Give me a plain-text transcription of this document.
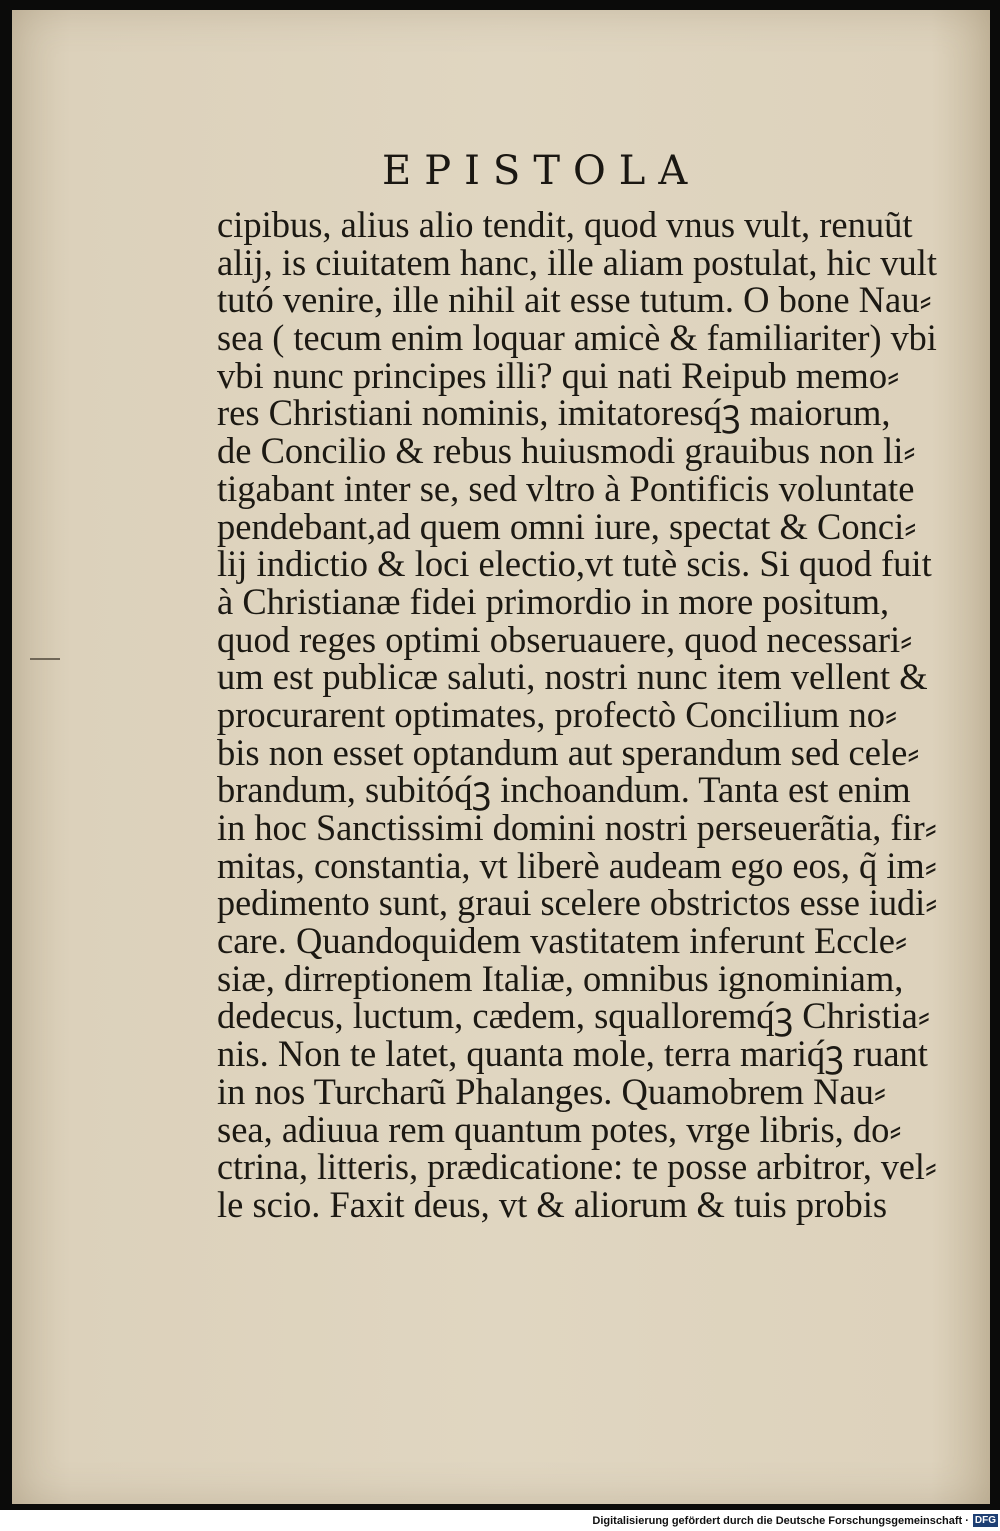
EPISTOLA
cipibus, alius alio tendit, quod vnus vult, renuũt
alij, is ciuitatem hanc, ille aliam postulat, hic vult
tutó venire, ille nihil ait esse tutum. O bone Nau⸗
sea ( tecum enim loquar amicè & familiariter) vbi
vbi nunc principes illi? qui nati Reipub memo⸗
res Christiani nominis, imitatoresq́ꝫ maiorum,
de Concilio & rebus huiusmodi grauibus non li⸗
tigabant inter se, sed vltro à Pontificis voluntate
pendebant,ad quem omni iure, spectat & Conci⸗
lij indictio & loci electio,vt tutè scis. Si quod fuit
à Christianæ fidei primordio in more positum,
quod reges optimi obseruauere, quod necessari⸗
um est publicæ saluti, nostri nunc item vellent &
procurarent optimates, profectò Concilium no⸗
bis non esset optandum aut sperandum sed cele⸗
brandum, subitóq́ꝫ inchoandum. Tanta est enim
in hoc Sanctissimi domini nostri perseuerãtia, fir⸗
mitas, constantia, vt liberè audeam ego eos, q̃ im⸗
pedimento sunt, graui scelere obstrictos esse iudi⸗
care. Quandoquidem vastitatem inferunt Eccle⸗
siæ, dirreptionem Italiæ, omnibus ignominiam,
dedecus, luctum, cædem, squalloremq́ꝫ Christia⸗
nis. Non te latet, quanta mole, terra mariq́ꝫ ruant
in nos Turcharũ Phalanges. Quamobrem Nau⸗
sea, adiuua rem quantum potes, vrge libris, do⸗
ctrina, litteris, prædicatione: te posse arbitror, vel⸗
le scio. Faxit deus, vt & aliorum & tuis probis
Digitalisierung gefördert durch die Deutsche Forschungsgemeinschaft · DFG
